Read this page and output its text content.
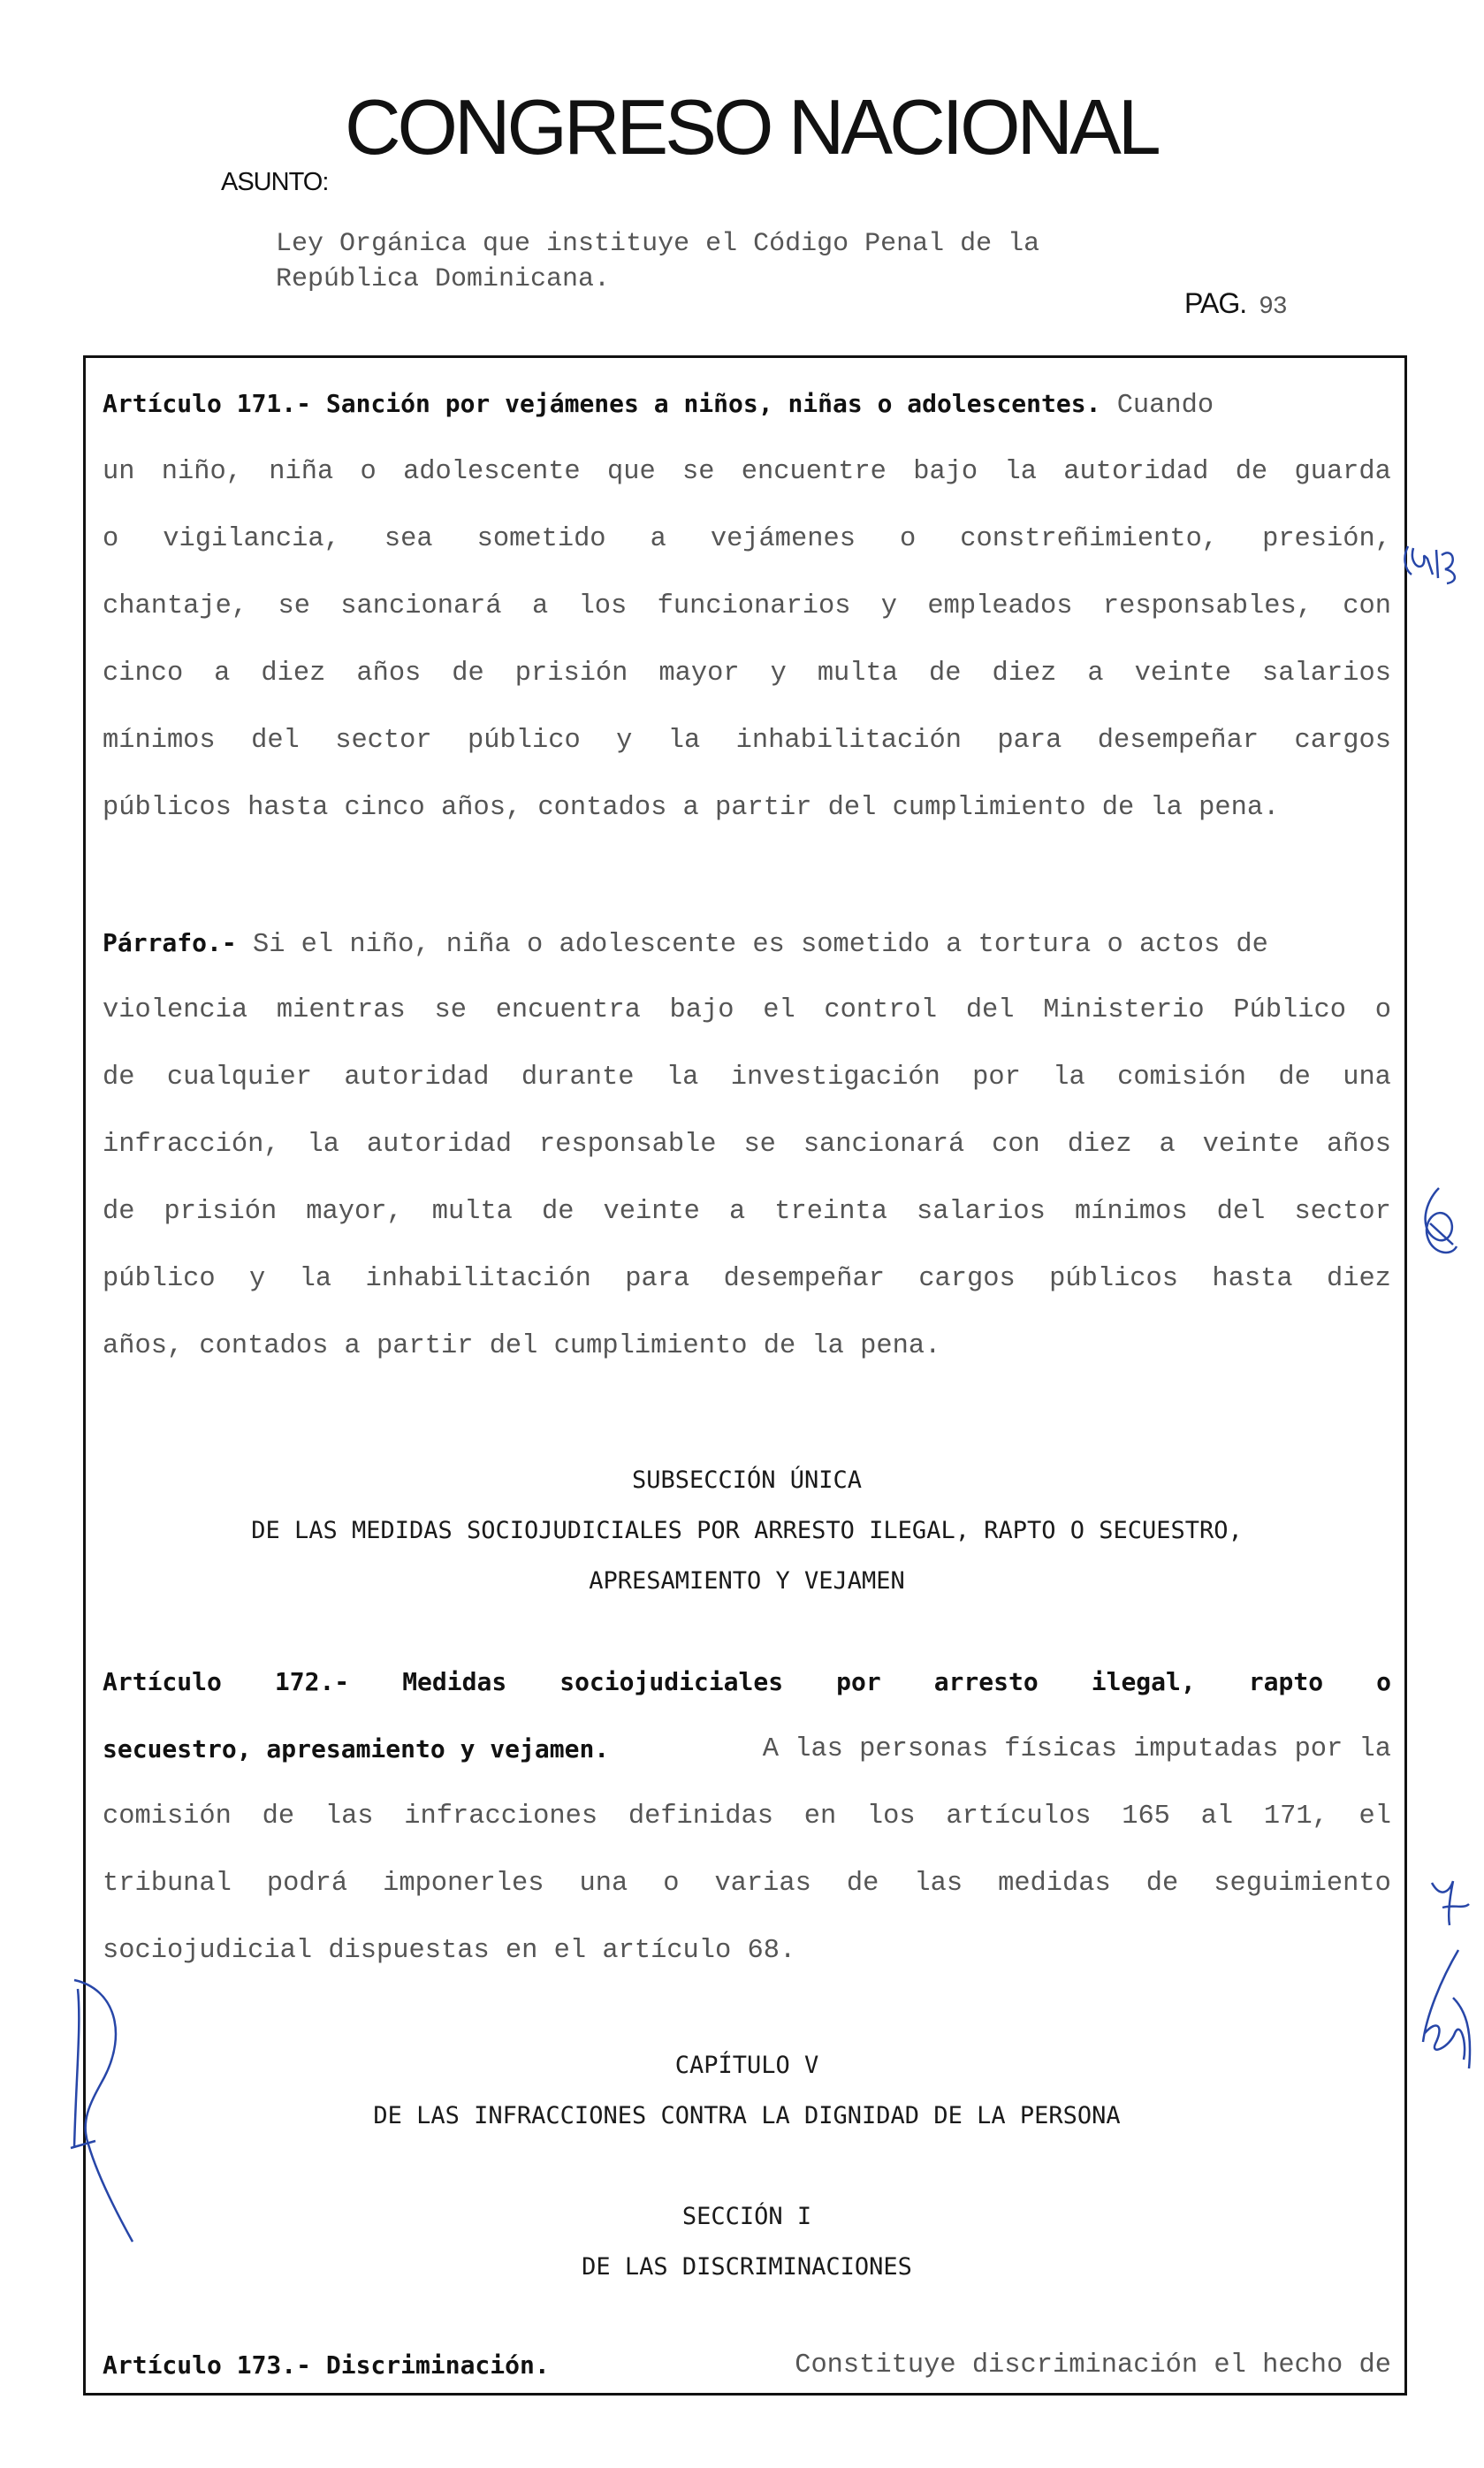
CONGRESO NACIONAL
ASUNTO:
Ley Orgánica que instituye el Código Penal de la
República Dominicana.
PAG. 93
Artículo 171.- Sanción por vejámenes a niños, niñas o adolescentes. Cuando
un niño, niña o adolescente que se encuentre bajo la autoridad de guarda
o vigilancia, sea sometido a vejámenes o constreñimiento, presión,
chantaje, se sancionará a los funcionarios y empleados responsables, con
cinco a diez años de prisión mayor y multa de diez a veinte salarios
mínimos del sector público y la inhabilitación para desempeñar cargos
públicos hasta cinco años, contados a partir del cumplimiento de la pena.
Párrafo.- Si el niño, niña o adolescente es sometido a tortura o actos de
violencia mientras se encuentra bajo el control del Ministerio Público o
de cualquier autoridad durante la investigación por la comisión de una
infracción, la autoridad responsable se sancionará con diez a veinte años
de prisión mayor, multa de veinte a treinta salarios mínimos del sector
público y la inhabilitación para desempeñar cargos públicos hasta diez
años, contados a partir del cumplimiento de la pena.
SUBSECCIÓN ÚNICA
DE LAS MEDIDAS SOCIOJUDICIALES POR ARRESTO ILEGAL, RAPTO O SECUESTRO,
APRESAMIENTO Y VEJAMEN
Artículo 172.- Medidas sociojudiciales por arresto ilegal, rapto o
secuestro, apresamiento y vejamen.	A las personas físicas imputadas por la
comisión de las infracciones definidas en los artículos 165 al 171, el
tribunal podrá imponerles una o varias de las medidas de seguimiento
sociojudicial dispuestas en el artículo 68.
CAPÍTULO V
DE LAS INFRACCIONES CONTRA LA DIGNIDAD DE LA PERSONA
SECCIÓN I
DE LAS DISCRIMINACIONES
Artículo 173.- Discriminación.	Constituye discriminación el hecho de
